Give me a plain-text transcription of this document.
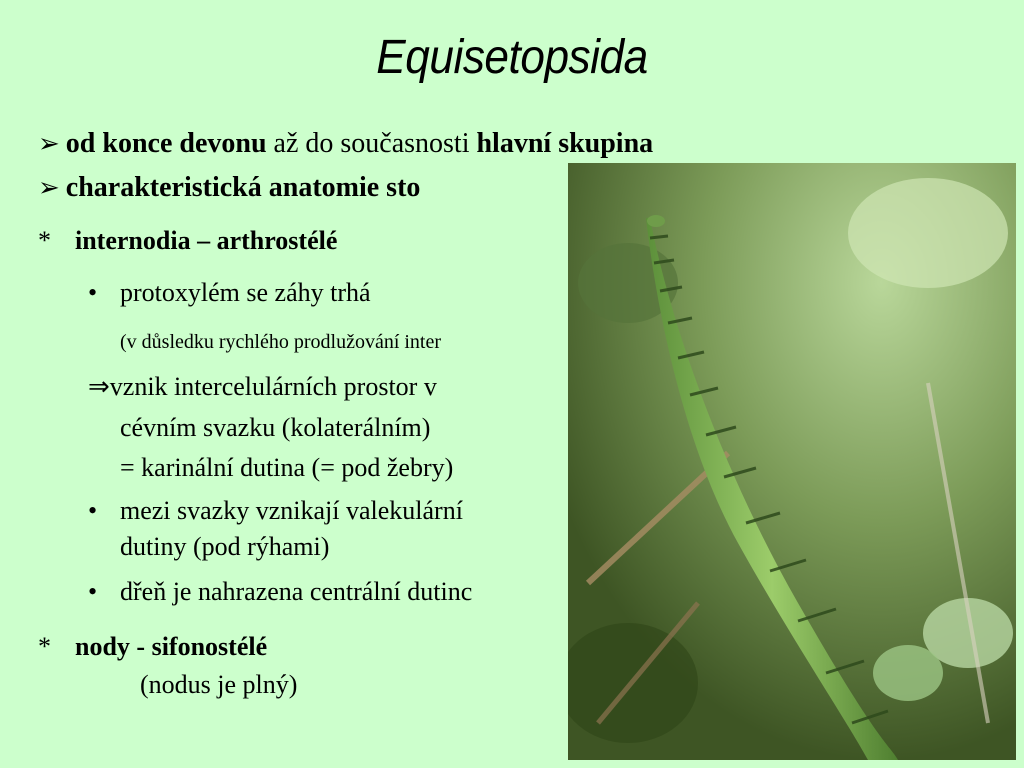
Equisetopsida
➢ od konce devonu až do současnosti hlavní skupina
➢ charakteristická anatomie sto
* internodia – arthrostélé
• protoxylém se záhy trhá
(v důsledku rychlého prodlužování inter
⇒vznik intercelulárních prostor v
cévním svazku (kolaterálním)
= karinální dutina (= pod žebry)
• mezi svazky vznikají valekulární
dutiny (pod rýhami)
• dřeň je nahrazena centrální dutinc
* nody - sifonostélé
(nodus je plný)
